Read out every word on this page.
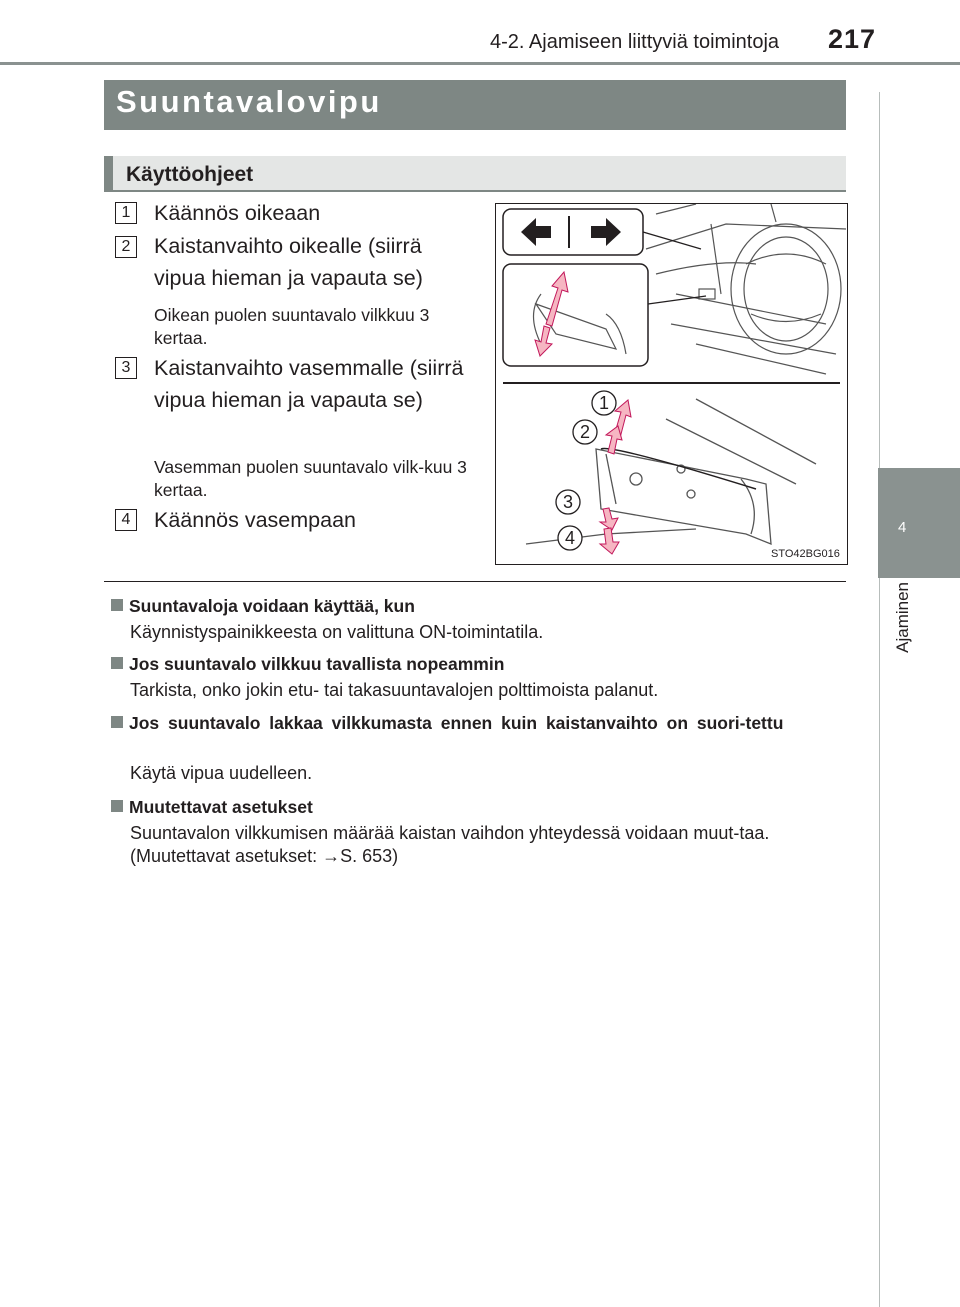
4-2. Ajamiseen liittyviä toimintoja 217
4
Ajaminen
Suuntavalovipu
Käyttöohjeet
1	Käännös oikeaan
2	Kaistanvaihto oikealle (siirrä vipua hieman ja vapauta se)
Oikean puolen suuntavalo vilkkuu 3 kertaa.
3	Kaistanvaihto vasemmalle (siirrä vipua hieman ja vapauta se)
Vasemman puolen suuntavalo vilk-kuu 3 kertaa.
4	Käännös vasempaan
1
2
3
4
STO42BG016
Suuntavaloja voidaan käyttää, kun
Käynnistyspainikkeesta on valittuna ON-toimintatila.
Jos suuntavalo vilkkuu tavallista nopeammin
Tarkista, onko jokin etu- tai takasuuntavalojen polttimoista palanut.
Jos suuntavalo lakkaa vilkkumasta ennen kuin kaistanvaihto on suori-tettu
Käytä vipua uudelleen.
Muutettavat asetukset
Suuntavalon vilkkumisen määrää kaistan vaihdon yhteydessä voidaan muut-taa. (Muutettavat asetukset: →S. 653)
